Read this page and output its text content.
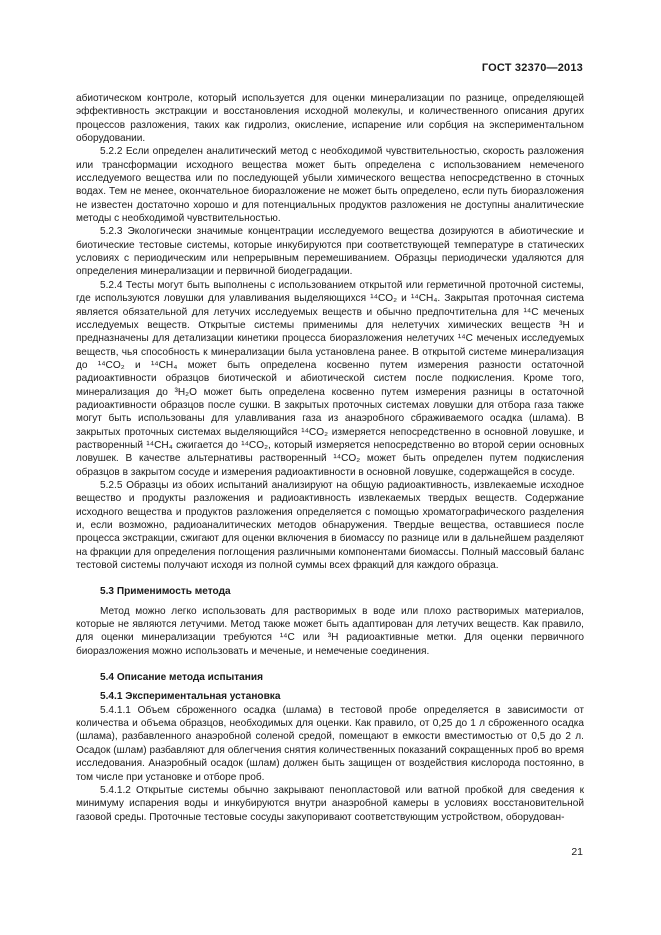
ГОСТ 32370—2013

абиотическом контроле, который используется для оценки минерализации по разнице, определяющей эффективность экстракции и восстановления исходной молекулы, и количественного описания других процессов разложения, таких как гидролиз, окисление, испарение или сорбция на экспериментальном оборудовании.

5.2.2 Если определен аналитический метод с необходимой чувствительностью, скорость разложения или трансформации исходного вещества может быть определена с использованием немеченого исследуемого вещества или по последующей убыли химического вещества непосредственно в сточных водах. Тем не менее, окончательное биоразложение не может быть определено, если путь биоразложения не известен достаточно хорошо и для потенциальных продуктов разложения не доступны аналитические методы с необходимой чувствительностью.

5.2.3 Экологически значимые концентрации исследуемого вещества дозируются в абиотические и биотические тестовые системы, которые инкубируются при соответствующей температуре в статических условиях с периодическим или непрерывным перемешиванием. Образцы периодически удаляются для определения минерализации и первичной биодеградации.

5.2.4 Тесты могут быть выполнены с использованием открытой или герметичной проточной системы, где используются ловушки для улавливания выделяющихся ¹⁴CO₂ и ¹⁴CH₄. Закрытая проточная система является обязательной для летучих исследуемых веществ и обычно предпочтительна для ¹⁴C меченых исследуемых веществ. Открытые системы применимы для нелетучих химических веществ ³H и предназначены для детализации кинетики процесса биоразложения нелетучих ¹⁴C меченых исследуемых веществ, чья способность к минерализации была установлена ранее. В открытой системе минерализация до ¹⁴CO₂ и ¹⁴CH₄ может быть определена косвенно путем измерения разности остаточной радиоактивности образцов биотической и абиотической систем после подкисления. Кроме того, минерализация до ³H₂O может быть определена косвенно путем измерения разницы в остаточной радиоактивности образцов после сушки. В закрытых проточных системах ловушки для отбора газа также могут быть использованы для улавливания газа из анаэробного сбраживаемого осадка (шлама). В закрытых проточных системах выделяющийся ¹⁴CO₂ измеряется непосредственно в основной ловушке, и растворенный ¹⁴CH₄ сжигается до ¹⁴CO₂, который измеряется непосредственно во второй серии основных ловушек. В качестве альтернативы растворенный ¹⁴CO₂ может быть определен путем подкисления образцов в закрытом сосуде и измерения радиоактивности в основной ловушке, содержащейся в сосуде.

5.2.5 Образцы из обоих испытаний анализируют на общую радиоактивность, извлекаемые исходное вещество и продукты разложения и радиоактивность извлекаемых твердых веществ. Содержание исходного вещества и продуктов разложения определяется с помощью хроматографического разделения и, если возможно, радиоаналитических методов обнаружения. Твердые вещества, оставшиеся после процесса экстракции, сжигают для оценки включения в биомассу по разнице или в дальнейшем разделяют на фракции для определения поглощения различными компонентами биомассы. Полный массовый баланс тестовой системы получают исходя из полной суммы всех фракций для каждого образца.

5.3 Применимость метода

Метод можно легко использовать для растворимых в воде или плохо растворимых материалов, которые не являются летучими. Метод также может быть адаптирован для летучих веществ. Как правило, для оценки минерализации требуются ¹⁴C или ³H радиоактивные метки. Для оценки первичного биоразложения можно использовать и меченые, и немеченые соединения.

5.4 Описание метода испытания

5.4.1 Экспериментальная установка

5.4.1.1 Объем сброженного осадка (шлама) в тестовой пробе определяется в зависимости от количества и объема образцов, необходимых для оценки. Как правило, от 0,25 до 1 л сброженного осадка (шлама), разбавленного анаэробной соленой средой, помещают в емкости вместимостью от 0,5 до 2 л. Осадок (шлам) разбавляют для облегчения снятия количественных показаний сокращенных проб во время исследования. Анаэробный осадок (шлам) должен быть защищен от воздействия кислорода постоянно, в том числе при установке и отборе проб.

5.4.1.2 Открытые системы обычно закрывают пенопластовой или ватной пробкой для сведения к минимуму испарения воды и инкубируются внутри анаэробной камеры в условиях восстановительной газовой среды. Проточные тестовые сосуды закупоривают соответствующим устройством, оборудован-

21
